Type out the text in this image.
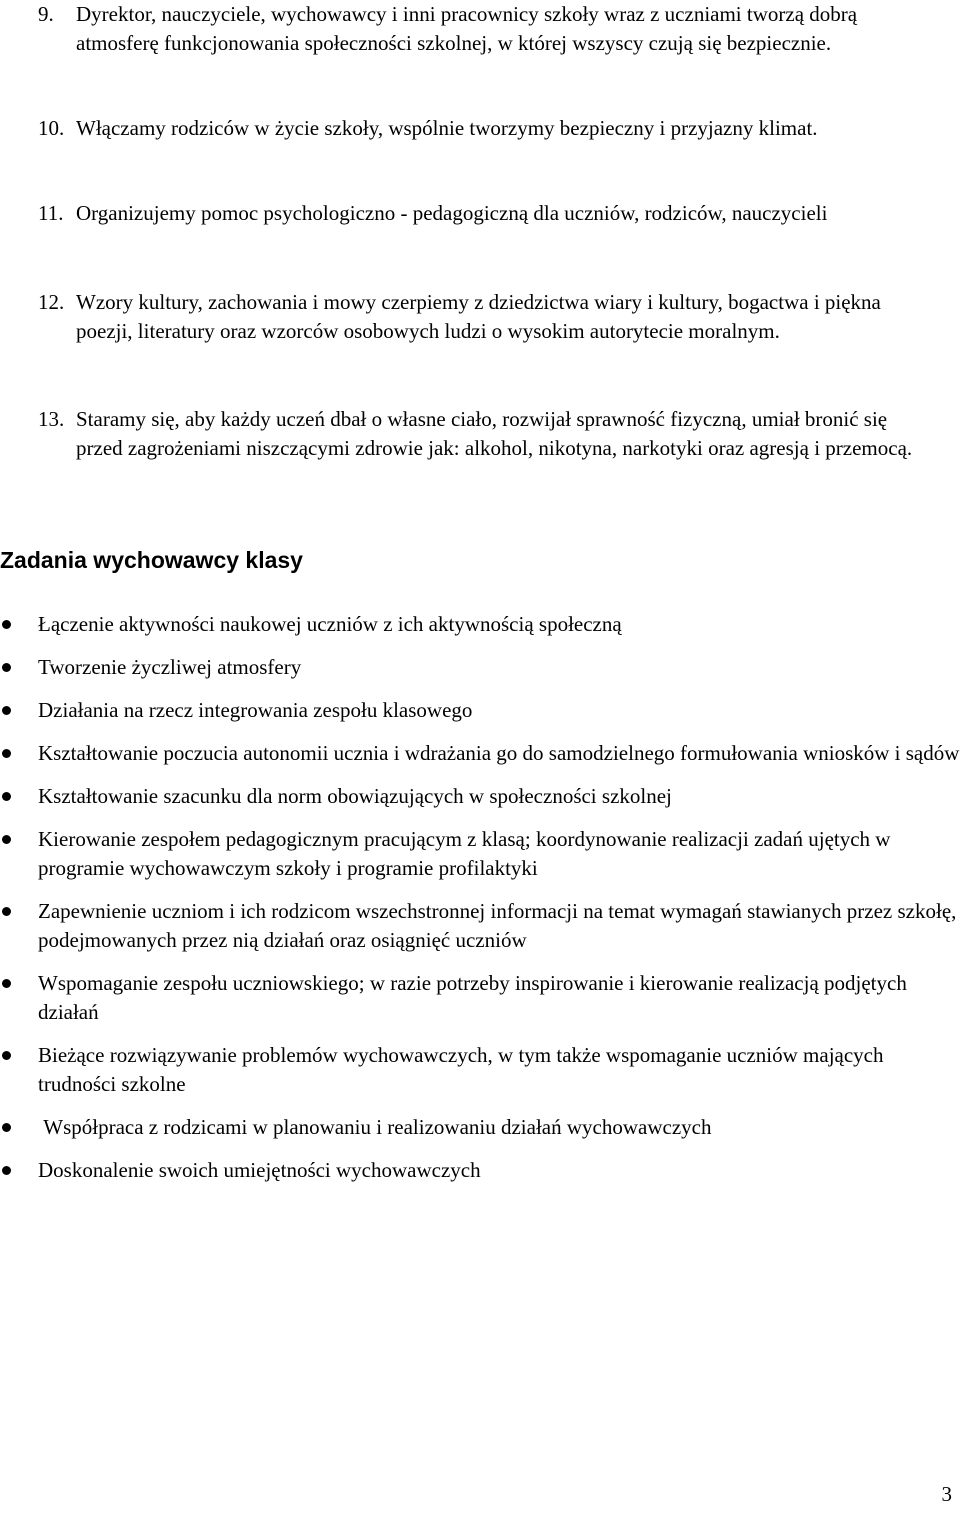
9. Dyrektor, nauczyciele, wychowawcy i inni pracownicy szkoły wraz z uczniami tworzą dobrą atmosferę funkcjonowania społeczności szkolnej, w której wszyscy czują się bezpiecznie.
10. Włączamy rodziców w życie szkoły, wspólnie tworzymy bezpieczny i przyjazny klimat.
11. Organizujemy pomoc psychologiczno - pedagogiczną dla uczniów, rodziców, nauczycieli
12. Wzory kultury, zachowania i mowy czerpiemy z dziedzictwa wiary i kultury, bogactwa i piękna poezji, literatury oraz wzorców osobowych ludzi o wysokim autorytecie moralnym.
13. Staramy się, aby każdy uczeń dbał o własne ciało, rozwijał sprawność fizyczną, umiał bronić się przed zagrożeniami niszczącymi zdrowie jak: alkohol, nikotyna, narkotyki oraz agresją i przemocą.
Zadania wychowawcy klasy
Łączenie aktywności naukowej uczniów z ich aktywnością społeczną
Tworzenie życzliwej atmosfery
Działania na rzecz integrowania zespołu klasowego
Kształtowanie poczucia autonomii ucznia i wdrażania go do samodzielnego formułowania wniosków i sądów
Kształtowanie szacunku dla norm obowiązujących w społeczności szkolnej
Kierowanie zespołem pedagogicznym pracującym z klasą; koordynowanie realizacji zadań ujętych w programie wychowawczym szkoły i programie profilaktyki
Zapewnienie uczniom i ich rodzicom wszechstronnej informacji na temat wymagań stawianych przez szkołę, podejmowanych przez nią działań oraz osiągnięć uczniów
Wspomaganie zespołu uczniowskiego; w razie potrzeby inspirowanie i kierowanie realizacją podjętych działań
Bieżące rozwiązywanie problemów wychowawczych, w tym także wspomaganie uczniów mających trudności szkolne
Współpraca z rodzicami w planowaniu i realizowaniu działań wychowawczych
Doskonalenie swoich umiejętności wychowawczych
3
